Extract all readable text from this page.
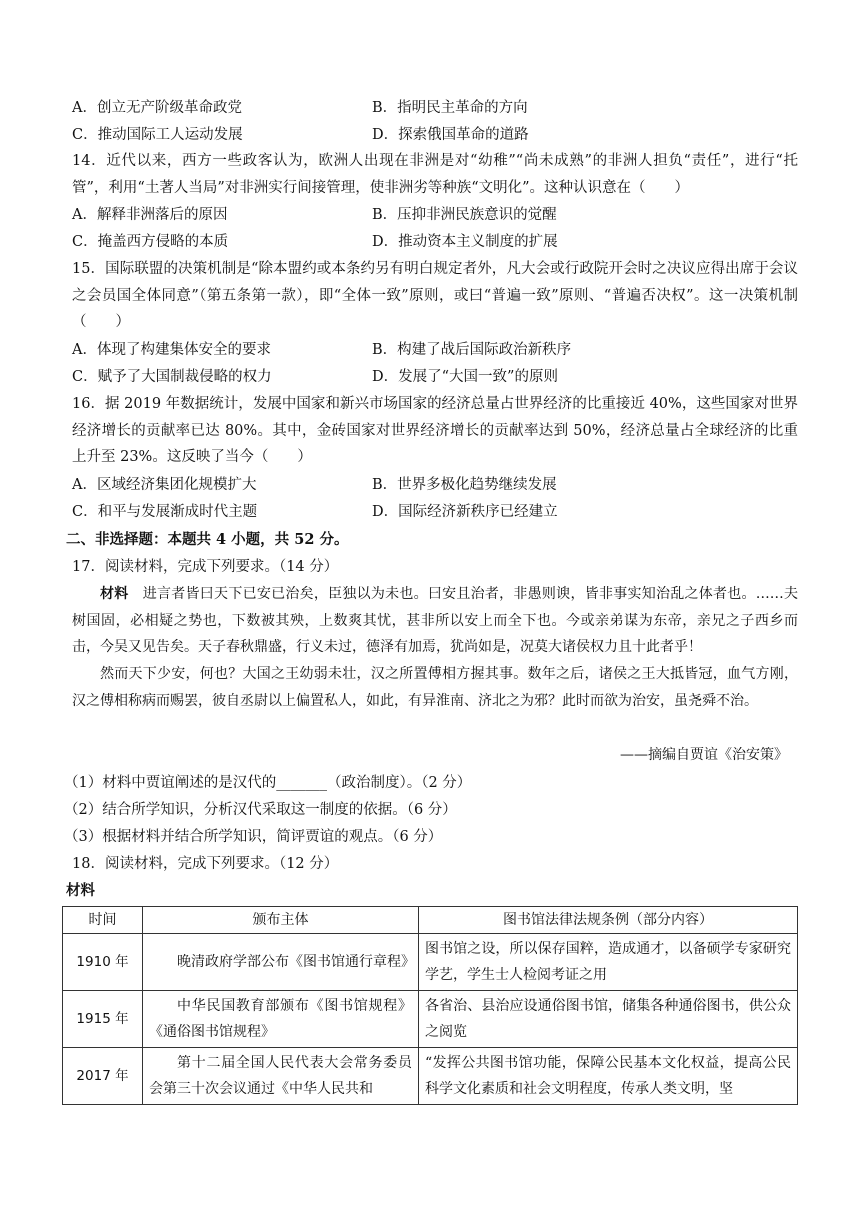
A．创立无产阶级革命政党	B．指明民主革命的方向
C．推动国际工人运动发展	D．探索俄国革命的道路
14．近代以来，西方一些政客认为，欧洲人出现在非洲是对“幼稚”“尚未成熟”的非洲人担负“责任”，进行“托管”，利用“土著人当局”对非洲实行间接管理，使非洲劣等种族“文明化”。这种认识意在（　　）
A．解释非洲落后的原因	B．压抑非洲民族意识的觉醒
C．掩盖西方侵略的本质	D．推动资本主义制度的扩展
15．国际联盟的决策机制是“除本盟约或本条约另有明白规定者外，凡大会或行政院开会时之决议应得出席于会议之会员国全体同意”（第五条第一款），即“全体一致”原则，或曰“普遍一致”原则、“普遍否决权”。这一决策机制（　　）
A．体现了构建集体安全的要求	B．构建了战后国际政治新秩序
C．赋予了大国制裁侵略的权力	D．发展了“大国一致”的原则
16．据 2019 年数据统计，发展中国家和新兴市场国家的经济总量占世界经济的比重接近 40%，这些国家对世界经济增长的贡献率已达 80%。其中，金砖国家对世界经济增长的贡献率达到 50%，经济总量占全球经济的比重上升至 23%。这反映了当今（　　）
A．区域经济集团化规模扩大	B．世界多极化趋势继续发展
C．和平与发展渐成时代主题	D．国际经济新秩序已经建立
二、非选择题：本题共 4 小题，共 52 分。
17．阅读材料，完成下列要求。（14 分）
材料　 进言者皆曰天下已安已治矣，臣独以为未也。曰安且治者，非愚则谀，皆非事实知治乱之体者也。……夫树国固，必相疑之势也，下数被其殃，上数爽其忧，甚非所以安上而全下也。今或亲弟谋为东帝，亲兄之子西乡而击，今吴又见告矣。天子春秋鼎盛，行义未过，德泽有加焉，犹尚如是，况莫大诸侯权力且十此者乎！
然而天下少安，何也？大国之王幼弱未壮，汉之所置傅相方握其事。数年之后，诸侯之王大抵皆冠，血气方刚，汉之傅相称病而赐罢，彼自丞尉以上偏置私人，如此，有异淮南、济北之为邪？此时而欲为治安，虽尧舜不治。
——摘编自贾谊《治安策》
（1）材料中贾谊阐述的是汉代的_______（政治制度）。（2 分）
（2）结合所学知识，分析汉代采取这一制度的依据。（6 分）
（3）根据材料并结合所学知识，简评贾谊的观点。（6 分）
18．阅读材料，完成下列要求。（12 分）
材料
时间	颁布主体	图书馆法律法规条例（部分内容）
1910 年	晚清政府学部公布《图书馆通行章程》	图书馆之设，所以保存国粹，造成通才，以备硕学专家研究学艺，学生士人检阅考证之用
1915 年	中华民国教育部颁布《图书馆规程》《通俗图书馆规程》	各省治、县治应设通俗图书馆，储集各种通俗图书，供公众之阅览
2017 年	第十二届全国人民代表大会常务委员会第三十次会议通过《中华人民共和	“发挥公共图书馆功能，保障公民基本文化权益，提高公民科学文化素质和社会文明程度，传承人类文明，坚
